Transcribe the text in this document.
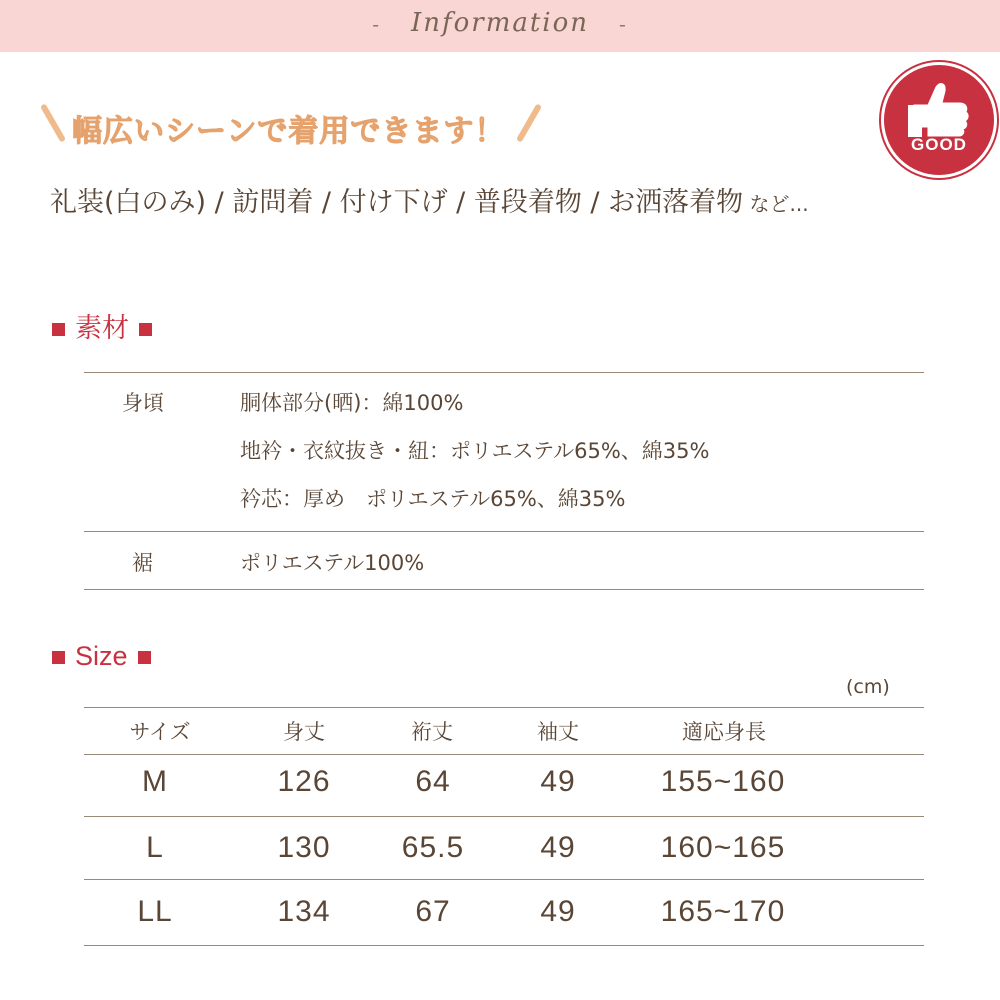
- Information -
幅広いシーンで着用できます！	GOOD
礼装(白のみ) / 訪問着 / 付け下げ / 普段着物 / お洒落着物 など...
素材
身頃	胴体部分(晒)：綿100%
地衿・衣紋抜き・紐：ポリエステル65%、綿35%
衿芯：厚め　ポリエステル65%、綿35%
裾	ポリエステル100%
Size
(cm)
サイズ	身丈	裄丈	袖丈	適応身長
M	126	64	49	155~160
L	130	65.5	49	160~165
LL	134	67	49	165~170
